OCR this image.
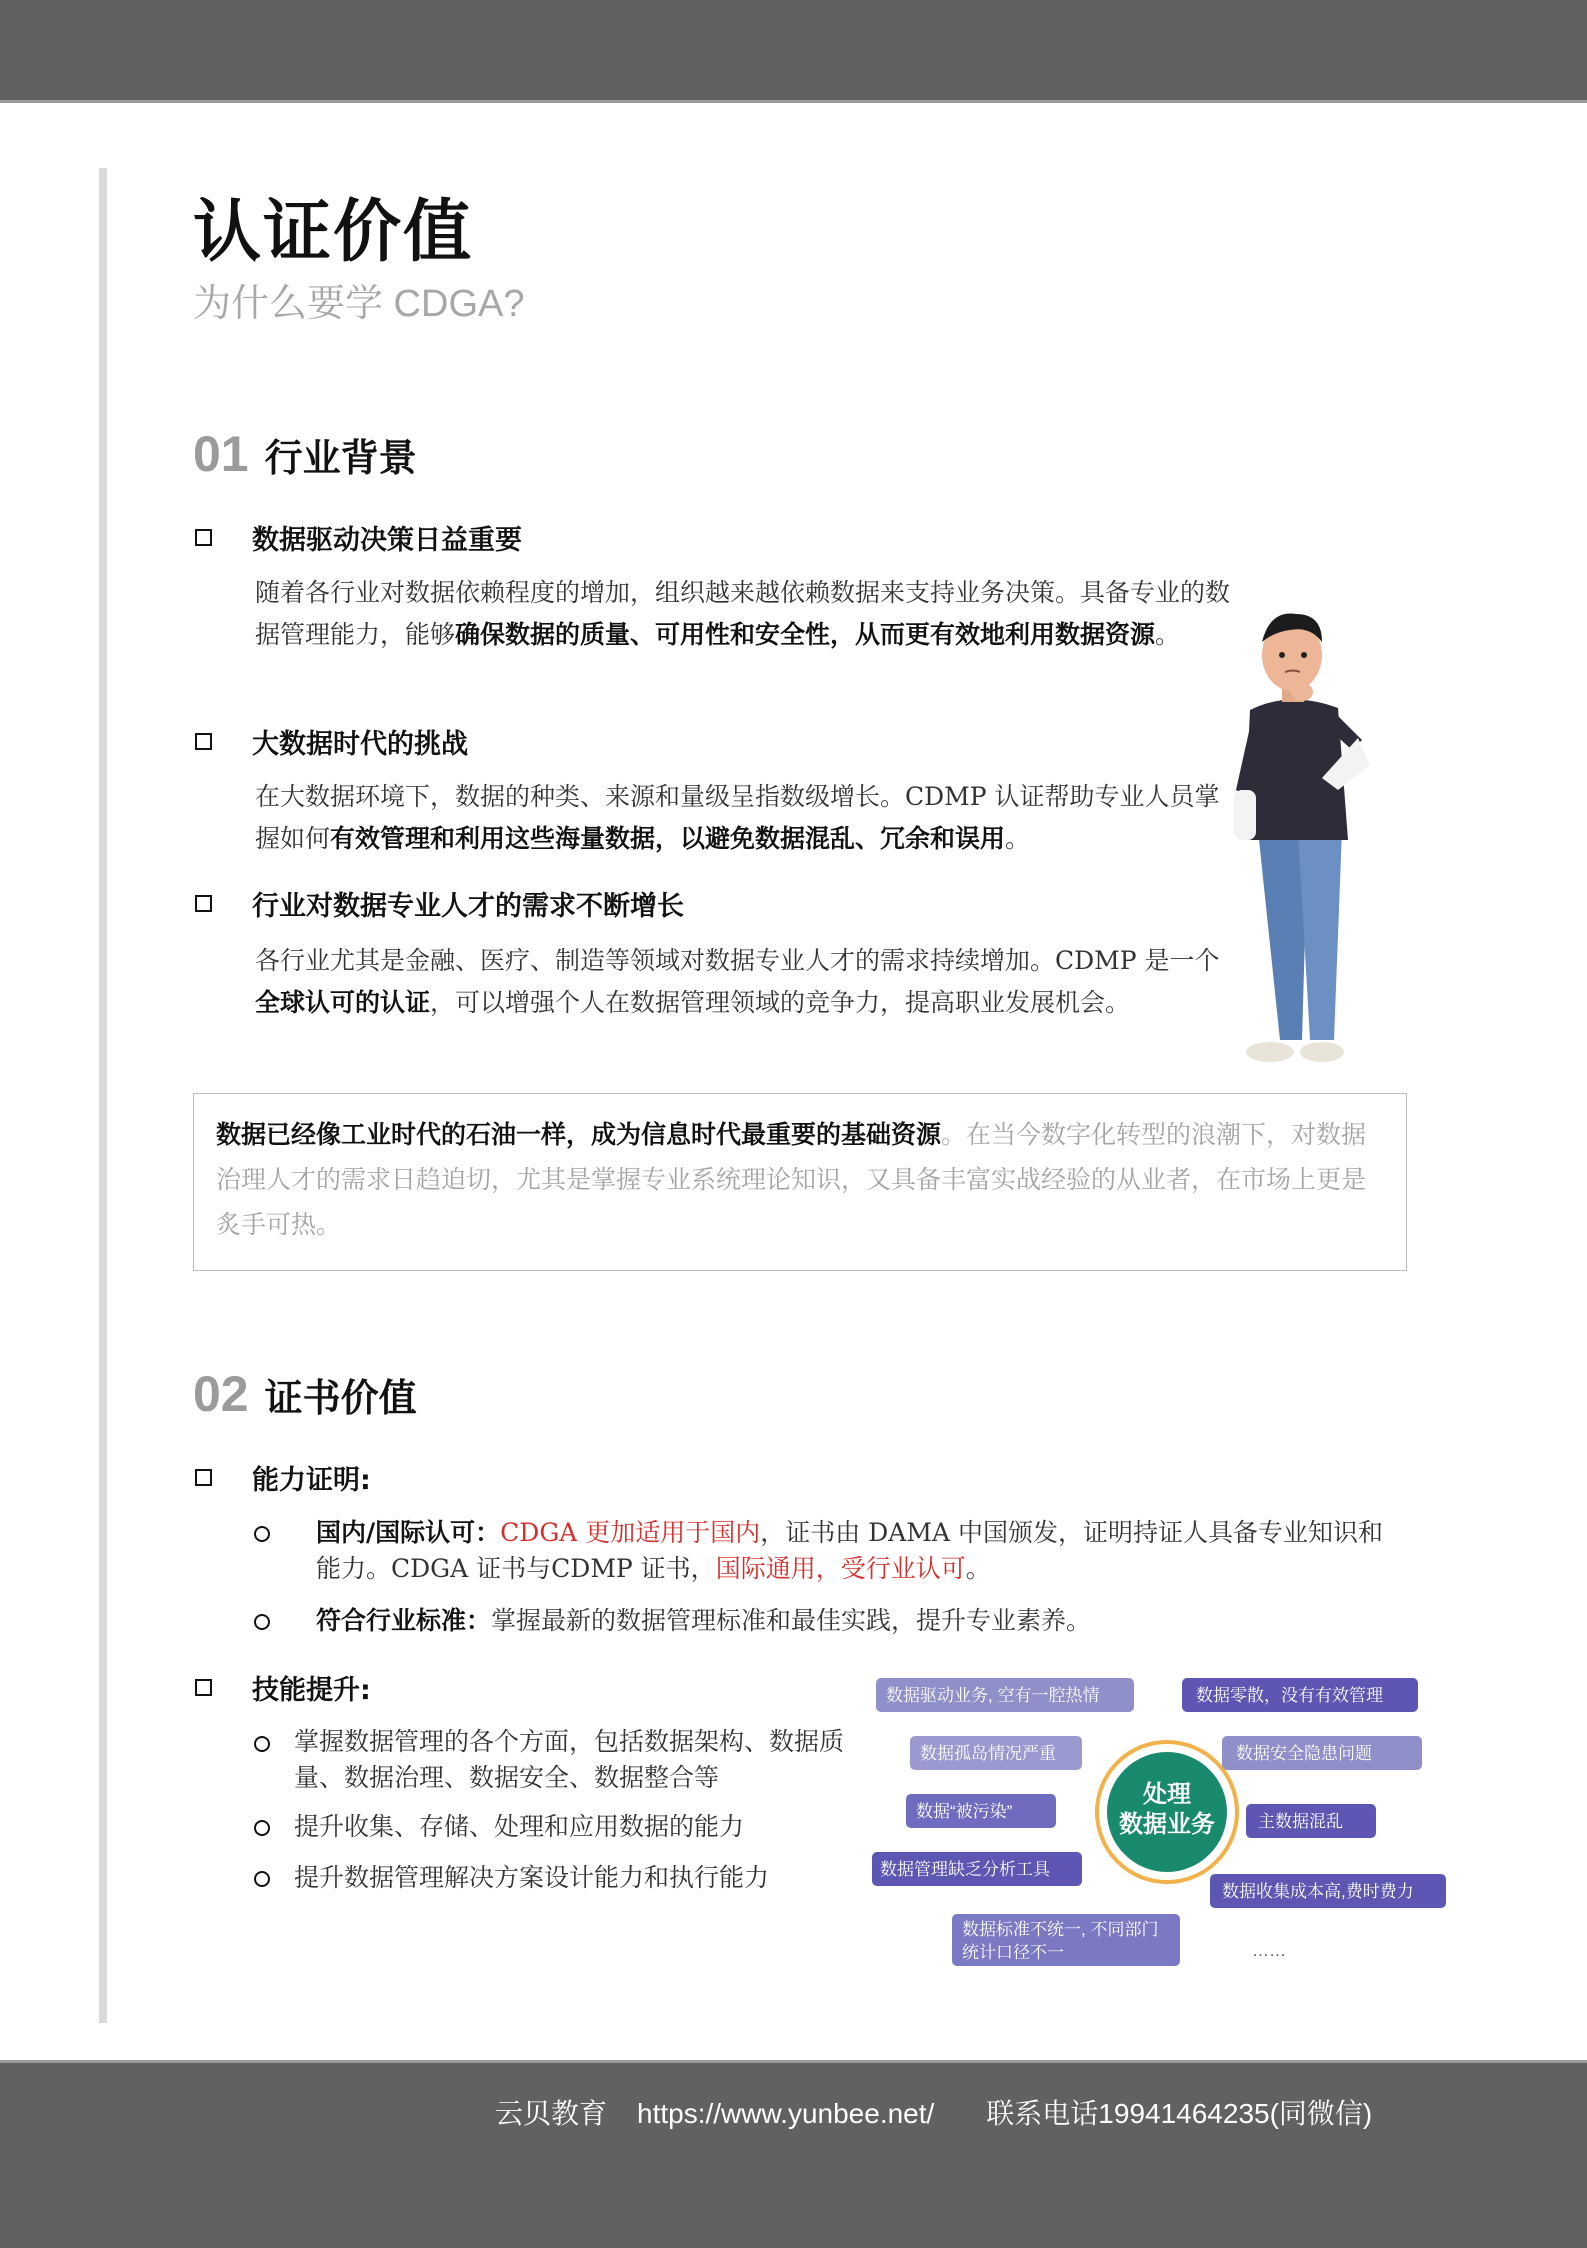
认证价值
为什么要学 CDGA?
01 行业背景
数据驱动决策日益重要
随着各行业对数据依赖程度的增加，组织越来越依赖数据来支持业务决策。具备专业的数据管理能力，能够确保数据的质量、可用性和安全性，从而更有效地利用数据资源。
大数据时代的挑战
在大数据环境下，数据的种类、来源和量级呈指数级增长。CDMP 认证帮助专业人员掌握如何有效管理和利用这些海量数据，以避免数据混乱、冗余和误用。
行业对数据专业人才的需求不断增长
各行业尤其是金融、医疗、制造等领域对数据专业人才的需求持续增加。CDMP 是一个全球认可的认证，可以增强个人在数据管理领域的竞争力，提高职业发展机会。
数据已经像工业时代的石油一样，成为信息时代最重要的基础资源。在当今数字化转型的浪潮下，对数据治理人才的需求日趋迫切，尤其是掌握专业系统理论知识，又具备丰富实战经验的从业者，在市场上更是炙手可热。
02 证书价值
能力证明:
国内/国际认可：CDGA 更加适用于国内，证书由 DAMA 中国颁发，证明持证人具备专业知识和能力。CDGA 证书与CDMP 证书，国际通用，受行业认可。
符合行业标准：掌握最新的数据管理标准和最佳实践，提升专业素养。
技能提升:
掌握数据管理的各个方面，包括数据架构、数据质量、数据治理、数据安全、数据整合等
提升收集、存储、处理和应用数据的能力
提升数据管理解决方案设计能力和执行能力
处理
数据业务
数据驱动业务, 空有一腔热情
数据孤岛情况严重
数据“被污染”
数据管理缺乏分析工具
数据零散，没有有效管理
数据安全隐患问题
主数据混乱
数据收集成本高,费时费力
数据标准不统一, 不同部门
统计口径不一	……
云贝教育 https://www.yunbee.net/ 联系电话19941464235(同微信)
